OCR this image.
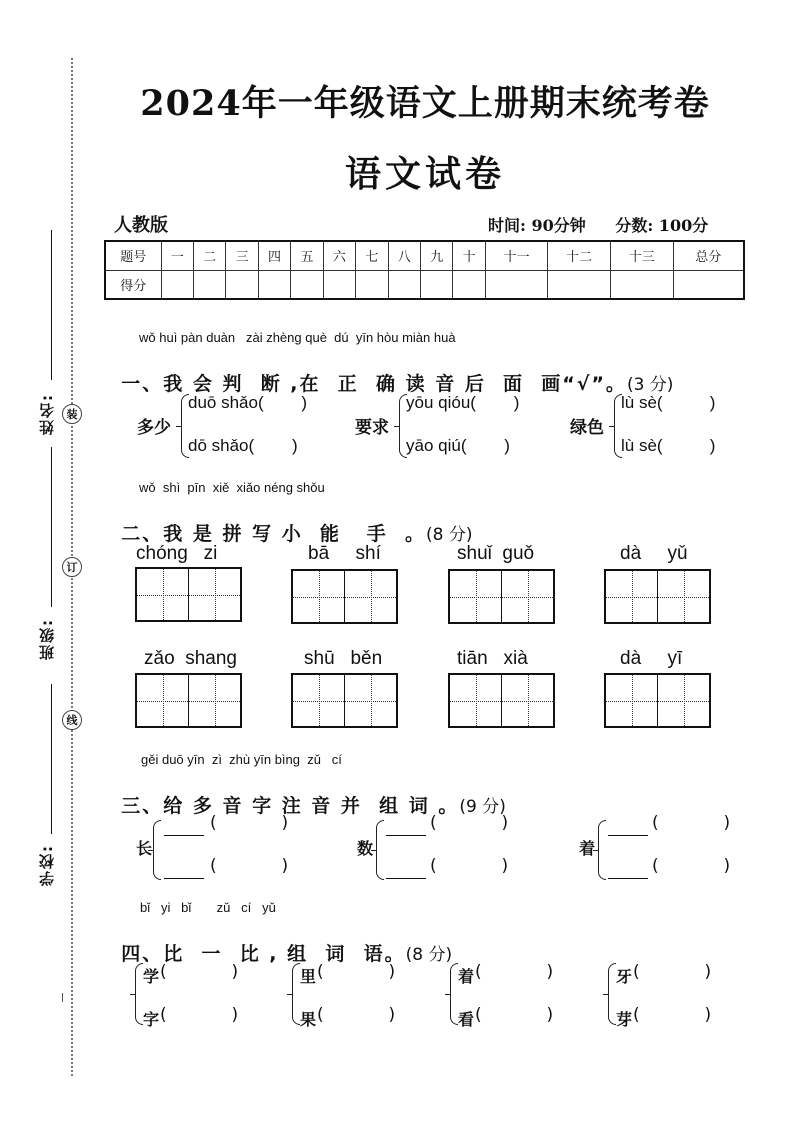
装
订
线
姓名:
班级:
学校:
2024年一年级语文上册期末统考卷
语文试卷
人教版	时间: 90分钟 分数: 100分
题号	一	二	三	四	五	六	七	八	九	十	十一	十二	十三	总分
得分														
wǒ huì pàn duàn   zài zhèng què  dú  yīn hòu miàn huà

一、我 会 判  断 ,在  正  确 读 音 后  面  画“√”。(3 分)

多少
duō shǎo(        )
dō shǎo(        )
要求
yōu qióu(        )
yāo qiú(        )
绿色
lù sè(          )
lù sè(          )
wǒ  shì  pīn  xiě  xiǎo néng shǒu

二、我 是 拼 写 小  能   手  。(8 分)

chóng   zi	bā     shí	shuǐ  guǒ	dà     yǔ
zǎo  shang	shū   běn	tiān   xià	dà     yī
gěi duō yīn  zì  zhù yīn bìng  zǔ   cí

三、给 多 音 字 注 音 并  组 词 。(9 分)

长
(            )
(            )
数
(            )
(            )
着
(            )
(            )
bǐ   yi   bǐ       zǔ   cí   yǔ

四、比  一  比 , 组  词  语。(8 分)

学 (            )
字 (            )
里 (            )
果 (            )
着 (            )
看 (            )
牙 (            )
芽 (            )
